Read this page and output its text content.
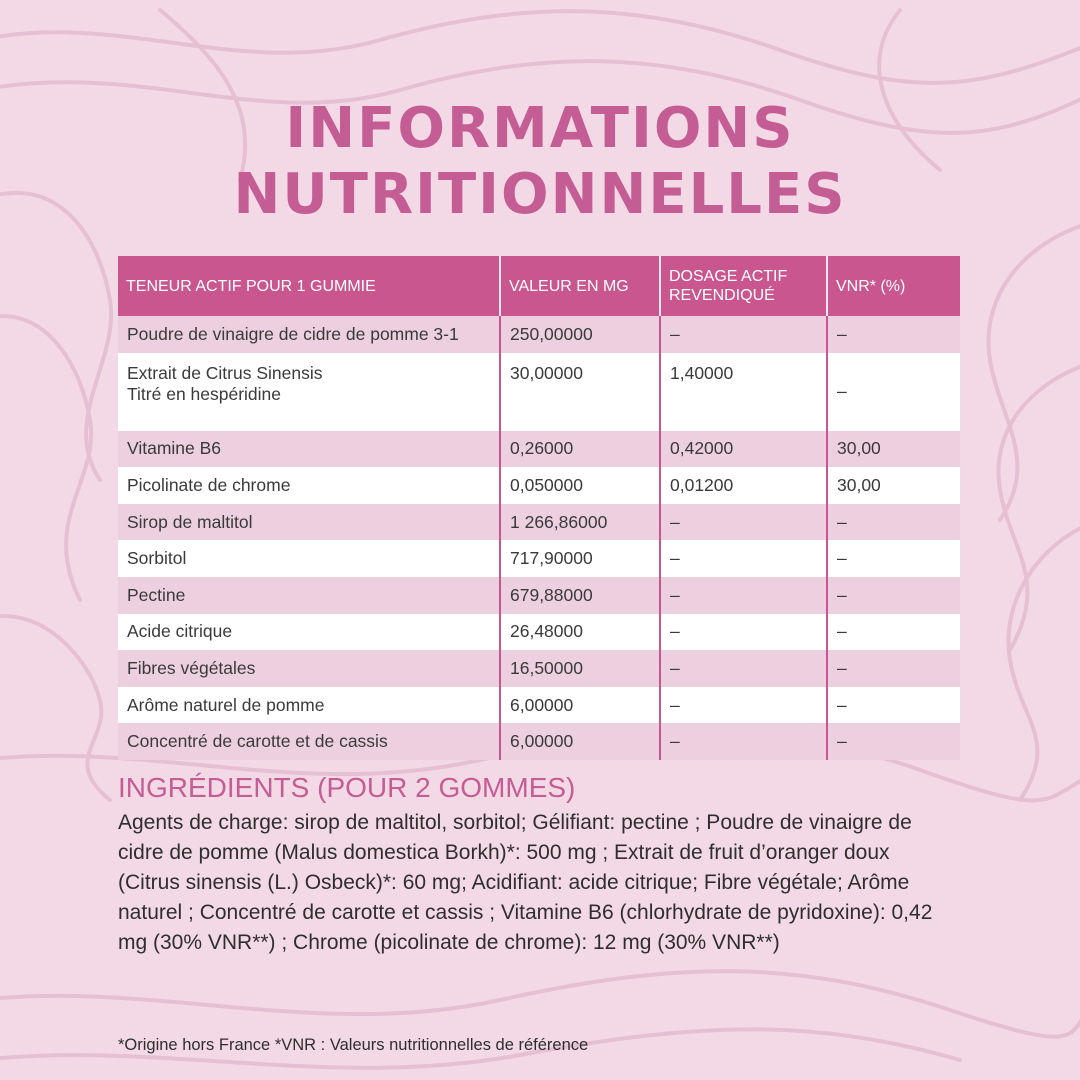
INFORMATIONS
NUTRITIONNELLES
TENEUR ACTIF POUR 1 GUMMIE	VALEUR EN MG	DOSAGE ACTIF REVENDIQUÉ	VNR* (%)
Poudre de vinaigre de cidre de pomme 3-1	250,00000	–	–

Extrait de Citrus Sinensis
Titré en hespéridine	30,00000	1,40000	–
Vitamine B6	0,26000	0,42000	30,00
Picolinate de chrome	0,050000	0,01200	30,00
Sirop de maltitol	1 266,86000	–	–
Sorbitol	717,90000	–	–
Pectine	679,88000	–	–
Acide citrique	26,48000	–	–
Fibres végétales	16,50000	–	–
Arôme naturel de pomme	6,00000	–	–
Concentré de carotte et de cassis	6,00000	–	–
INGRÉDIENTS (POUR 2 GOMMES)

Agents de charge: sirop de maltitol, sorbitol; Gélifiant: pectine ; Poudre de vinaigre de cidre de pomme (Malus domestica Borkh)*: 500 mg ; Extrait de fruit d’oranger doux (Citrus sinensis (L.) Osbeck)*: 60 mg; Acidifiant: acide citrique; Fibre végétale; Arôme naturel ; Concentré de carotte et cassis ; Vitamine B6 (chlorhydrate de pyridoxine): 0,42 mg (30% VNR**) ; Chrome (picolinate de chrome): 12 mg (30% VNR**)

*Origine hors France *VNR : Valeurs nutritionnelles de référence
